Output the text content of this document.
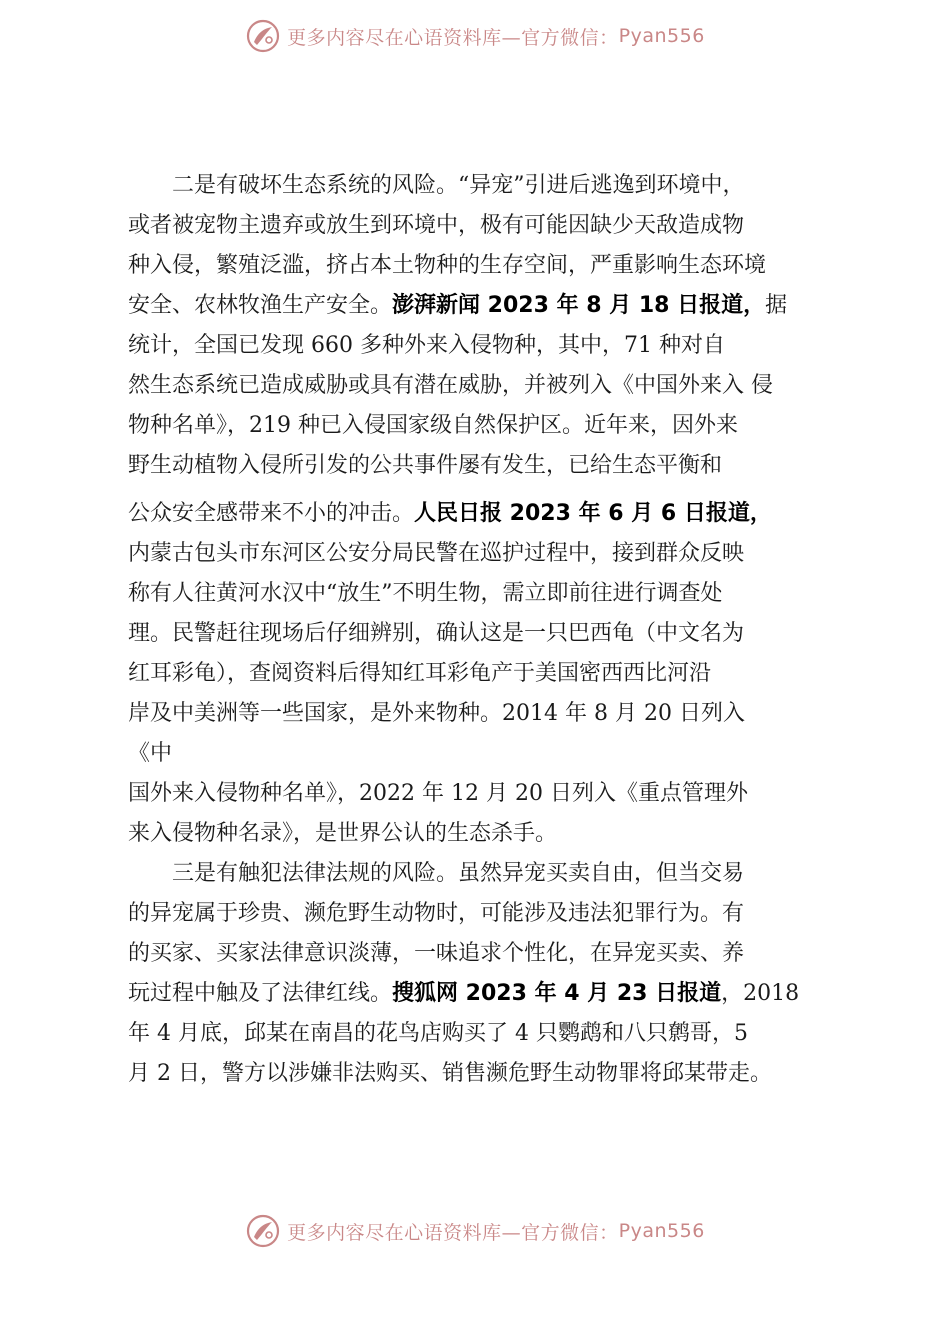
更多内容尽在心语资料库—官方微信： Pyan556
　　二是有破坏生态系统的风险。“异宠”引进后逃逸到环境中，
或者被宠物主遗弃或放生到环境中，极有可能因缺少天敌造成物
种入侵，繁殖泛滥，挤占本土物种的生存空间，严重影响生态环境
安全、农林牧渔生产安全。澎湃新闻 2023 年 8 月 18 日报道，据
统计，全国已发现 660 多种外来入侵物种，其中，71 种对自
然生态系统已造成威胁或具有潜在威胁，并被列入《中国外来入 侵
物种名单》，219 种已入侵国家级自然保护区。近年来，因外来
野生动植物入侵所引发的公共事件屡有发生，已给生态平衡和
公众安全感带来不小的冲击。人民日报 2023 年 6 月 6 日报道，
内蒙古包头市东河区公安分局民警在巡护过程中，接到群众反映
称有人往黄河水汉中“放生”不明生物，需立即前往进行调查处
理。民警赶往现场后仔细辨别，确认这是一只巴西龟（中文名为
红耳彩龟），查阅资料后得知红耳彩龟产于美国密西西比河沿
岸及中美洲等一些国家，是外来物种。2014 年 8 月 20 日列入
《中
国外来入侵物种名单》，2022 年 12 月 20 日列入《重点管理外
来入侵物种名录》，是世界公认的生态杀手。
　　三是有触犯法律法规的风险。虽然异宠买卖自由，但当交易
的异宠属于珍贵、濒危野生动物时，可能涉及违法犯罪行为。有
的买家、买家法律意识淡薄，一味追求个性化，在异宠买卖、养
玩过程中触及了法律红线。搜狐网 2023 年 4 月 23 日报道，2018
年 4 月底，邱某在南昌的花鸟店购买了 4 只鹦鹉和八只鹩哥，5
月 2 日，警方以涉嫌非法购买、销售濒危野生动物罪将邱某带走。
更多内容尽在心语资料库—官方微信： Pyan556
